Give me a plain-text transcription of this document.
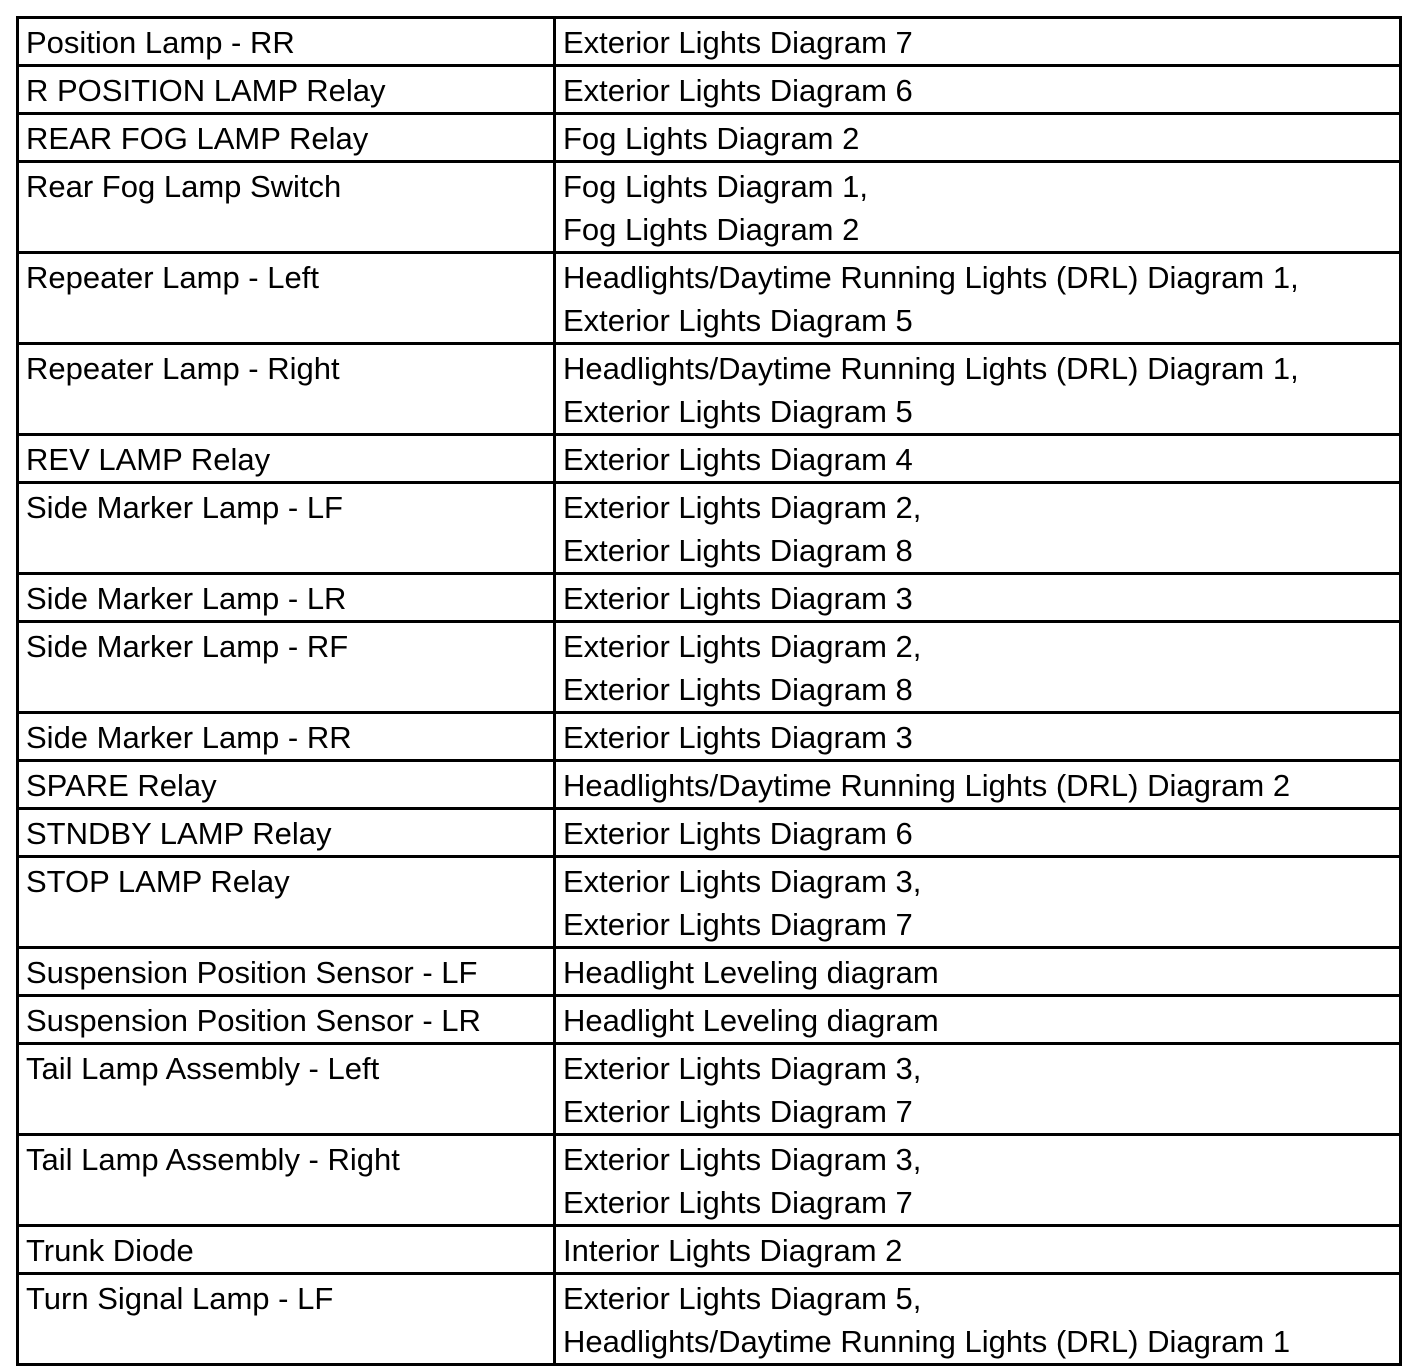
Position Lamp - RR	Exterior Lights Diagram 7

R POSITION LAMP Relay	Exterior Lights Diagram 6

REAR FOG LAMP Relay	Fog Lights Diagram 2

Rear Fog Lamp Switch	Fog Lights Diagram 1,
Fog Lights Diagram 2

Repeater Lamp - Left	Headlights/Daytime Running Lights (DRL) Diagram 1,
Exterior Lights Diagram 5

Repeater Lamp - Right	Headlights/Daytime Running Lights (DRL) Diagram 1,
Exterior Lights Diagram 5

REV LAMP Relay	Exterior Lights Diagram 4

Side Marker Lamp - LF	Exterior Lights Diagram 2,
Exterior Lights Diagram 8

Side Marker Lamp - LR	Exterior Lights Diagram 3

Side Marker Lamp - RF	Exterior Lights Diagram 2,
Exterior Lights Diagram 8

Side Marker Lamp - RR	Exterior Lights Diagram 3

SPARE Relay	Headlights/Daytime Running Lights (DRL) Diagram 2

STNDBY LAMP Relay	Exterior Lights Diagram 6

STOP LAMP Relay	Exterior Lights Diagram 3,
Exterior Lights Diagram 7

Suspension Position Sensor - LF	Headlight Leveling diagram

Suspension Position Sensor - LR	Headlight Leveling diagram

Tail Lamp Assembly - Left	Exterior Lights Diagram 3,
Exterior Lights Diagram 7

Tail Lamp Assembly - Right	Exterior Lights Diagram 3,
Exterior Lights Diagram 7

Trunk Diode	Interior Lights Diagram 2

Turn Signal Lamp - LF	Exterior Lights Diagram 5,
Headlights/Daytime Running Lights (DRL) Diagram 1
